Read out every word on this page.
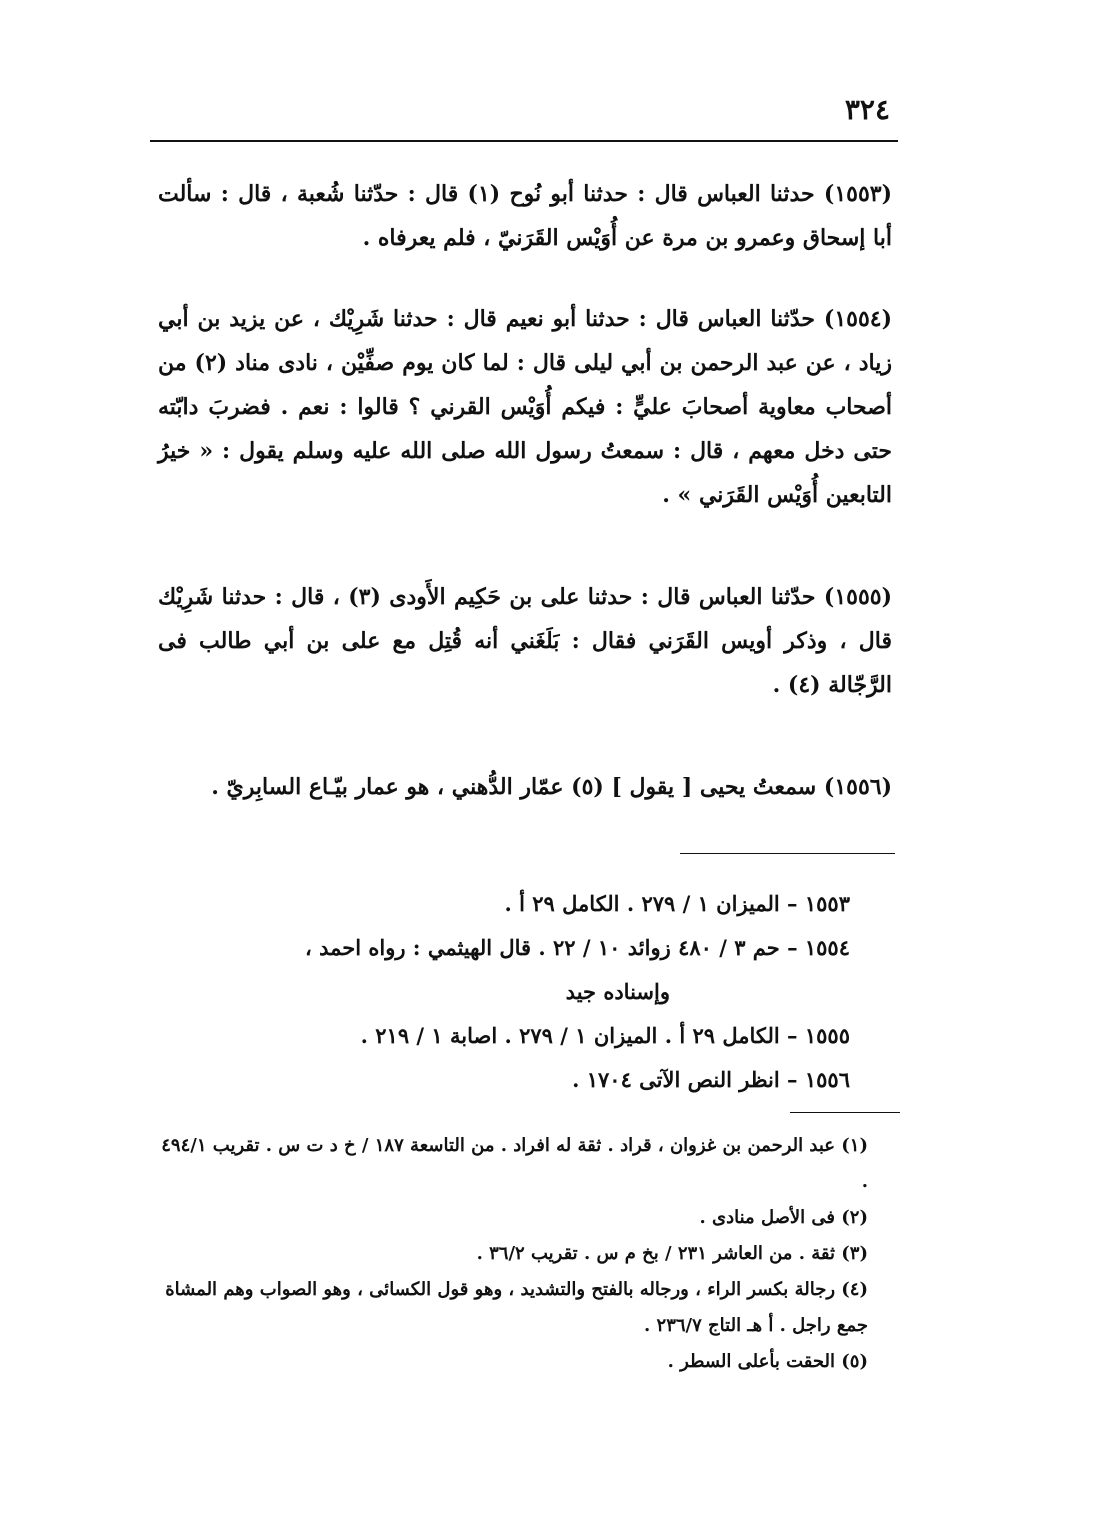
٣٢٤
(١٥٥٣) حدثنا العباس قال : حدثنا أبو نُوح (١) قال : حدّثنا شُعبة ، قال : سألت أبا إسحاق وعمرو بن مرة عن أُوَيْس القَرَنيّ ، فلم يعرفاه .
(١٥٥٤) حدّثنا العباس قال : حدثنا أبو نعيم قال : حدثنا شَرِيْك ، عن يزيد بن أبي زياد ، عن عبد الرحمن بن أبي ليلى قال : لما كان يوم صفِّيْن ، نادى مناد (٢) من أصحاب معاوية أصحابَ عليٍّ : فيكم أُوَيْس القرني ؟ قالوا : نعم . فضربَ دابّته حتى دخل معهم ، قال : سمعتُ رسول الله صلى الله عليه وسلم يقول : « خيرُ التابعين أُوَيْس القَرَني » .
(١٥٥٥) حدّثنا العباس قال : حدثنا على بن حَكِيم الأَودى (٣) ، قال : حدثنا شَرِيْك قال ، وذكر أويس القَرَني فقال : بَلَغَني أنه قُتِل مع على بن أبي طالب فى الرَّجّالة (٤) .
(١٥٥٦) سمعتُ يحيى [ يقول ] (٥) عمّار الدُّهني ، هو عمار بيّـاع السابِريّ .
١٥٥٣ – الميزان ١ / ٢٧٩ . الكامل ٢٩ أ .
١٥٥٤ – حم ٣ / ٤٨٠ زوائد ١٠ / ٢٢ . قال الهيثمي : رواه احمد ،
وإسناده جيد
١٥٥٥ – الكامل ٢٩ أ . الميزان ١ / ٢٧٩ . اصابة ١ / ٢١٩ .
١٥٥٦ – انظر النص الآتى ١٧٠٤ .
(١) عبد الرحمن بن غزوان ، قراد . ثقة له افراد . من التاسعة ١٨٧ / خ د ت س . تقريب ٤٩٤/١ .
(٢) فى الأصل منادى .
(٣) ثقة . من العاشر ٢٣١ / بخ م س . تقريب ٣٦/٢ .
(٤) رجالة بكسر الراء ، ورجاله بالفتح والتشديد ، وهو قول الكسائى ، وهو الصواب وهم المشاة جمع راجل . أ هـ التاج ٢٣٦/٧ .
(٥) الحقت بأعلى السطر .
